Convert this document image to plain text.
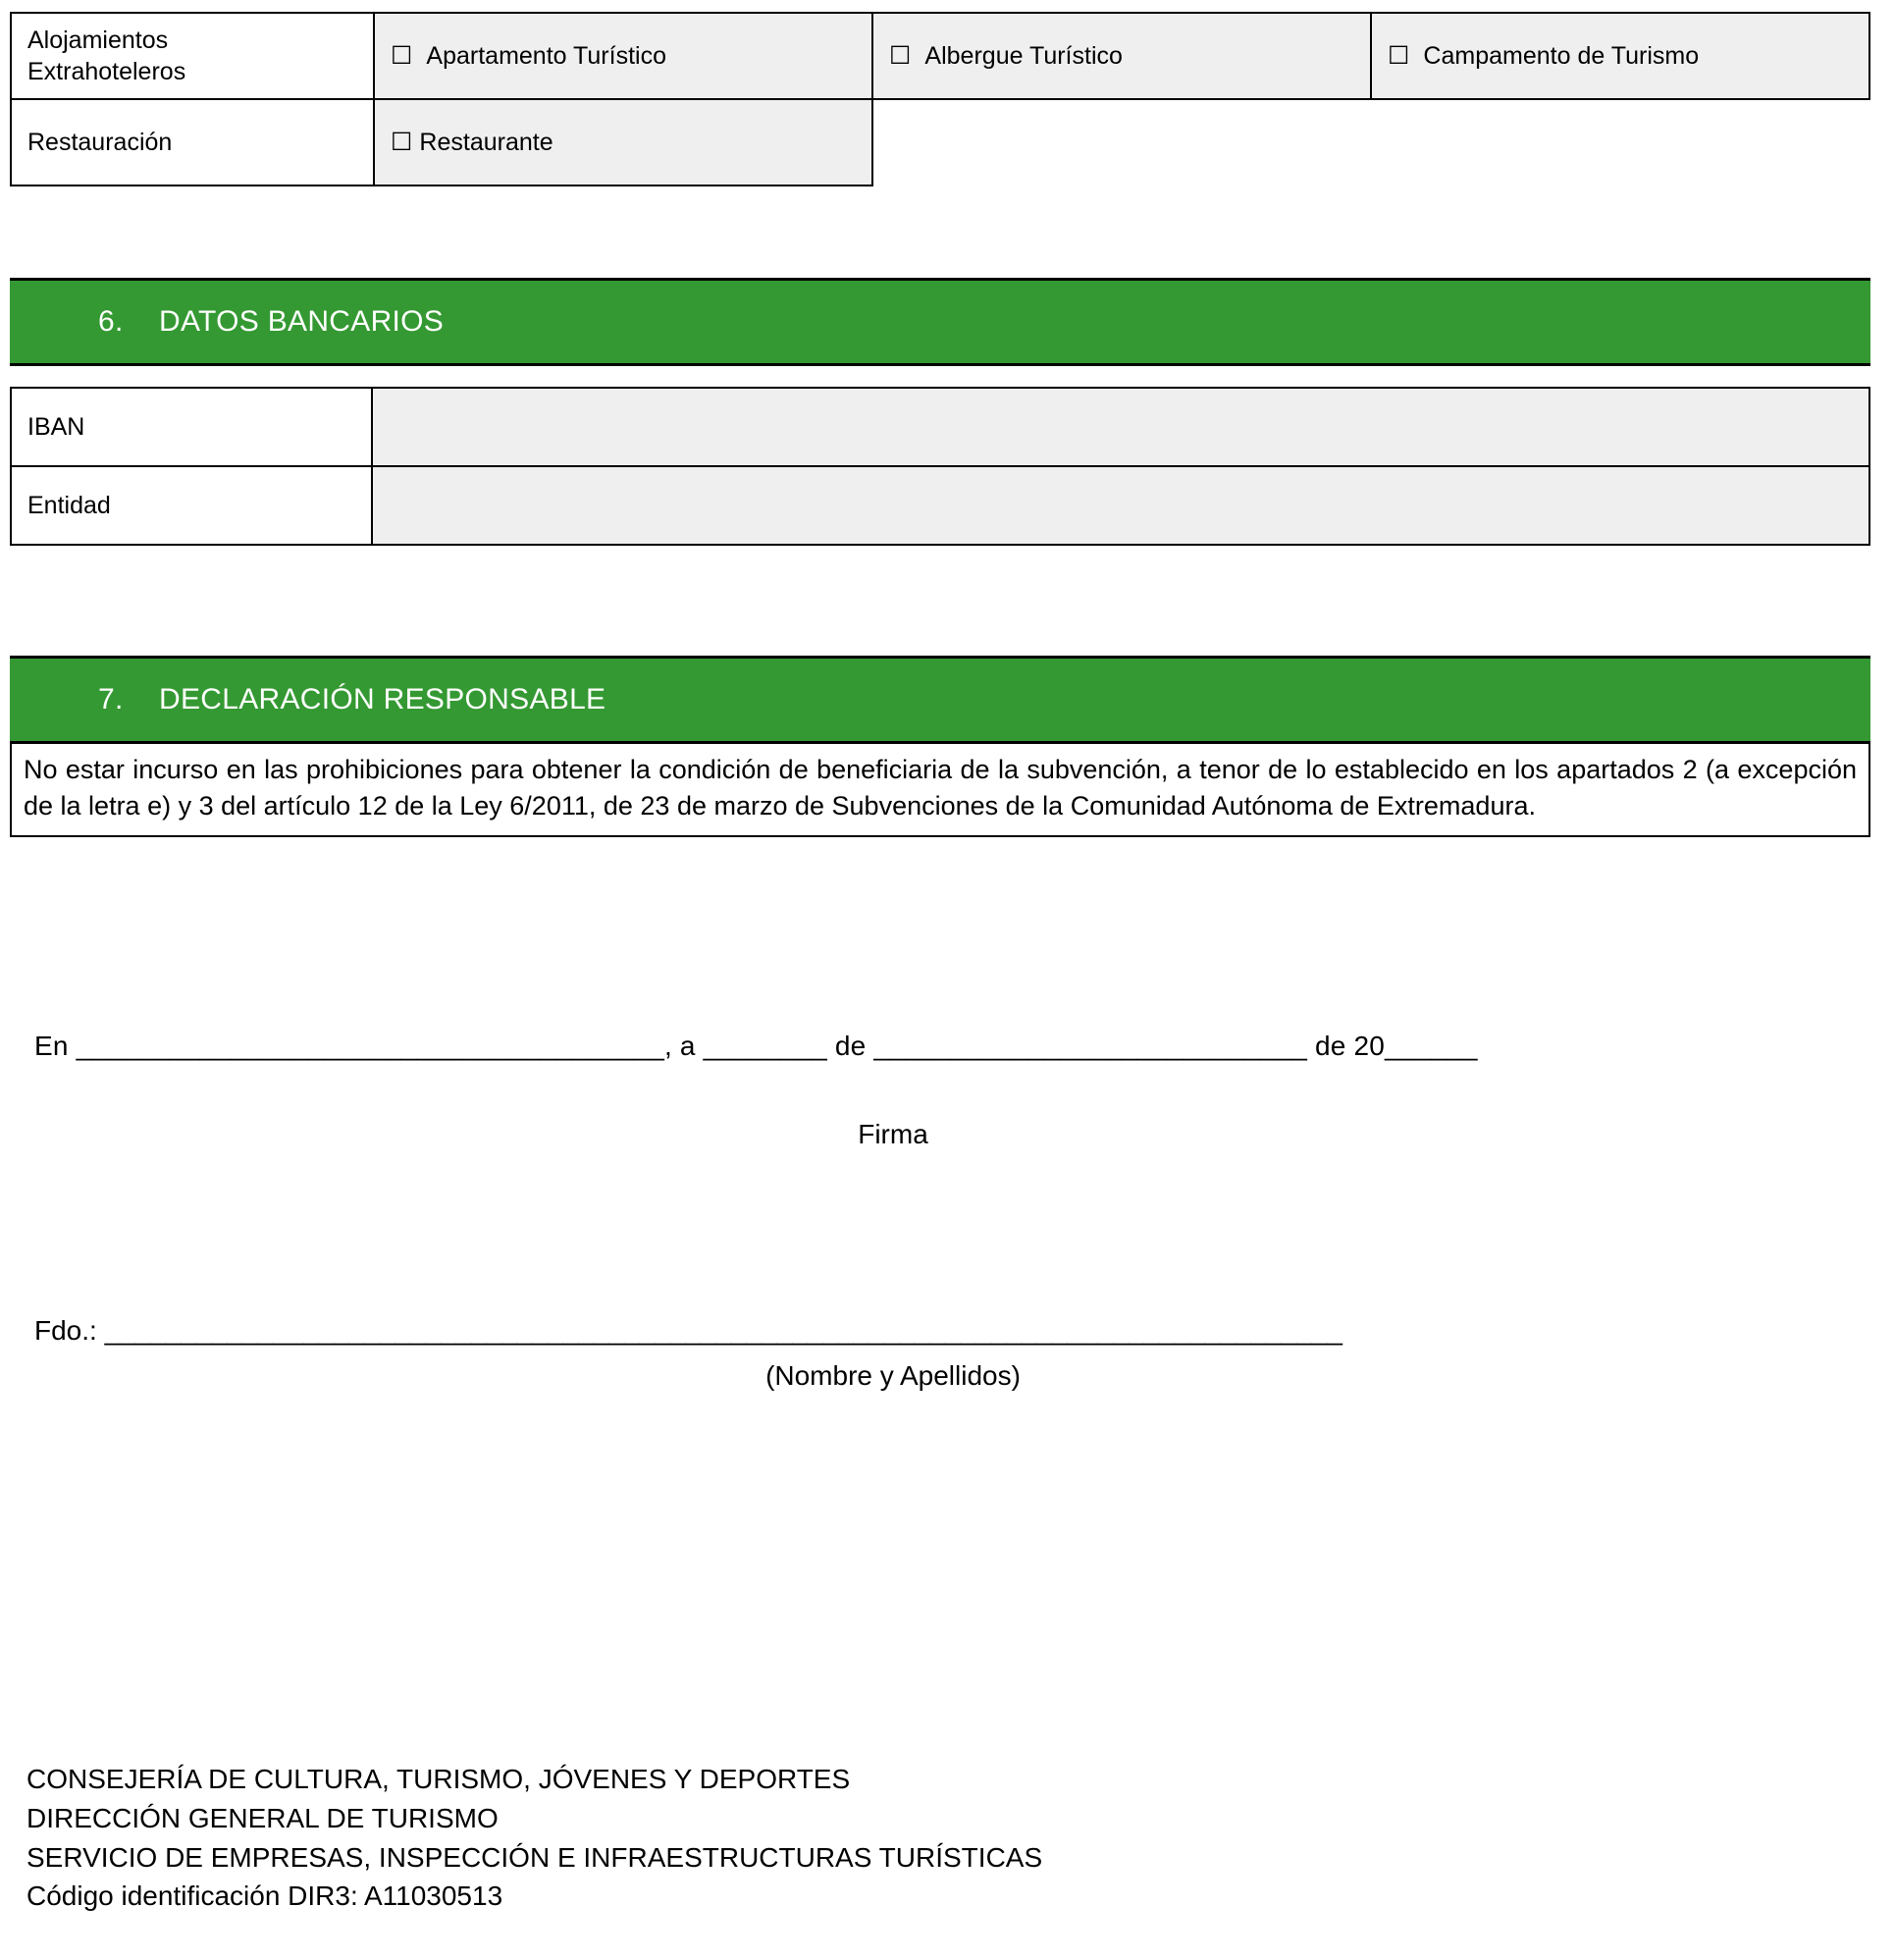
Alojamientos
Extrahoteleros	☐ Apartamento Turístico	☐ Albergue Turístico	☐ Campamento de Turismo
Restauración	☐ Restaurante		
6.	DATOS BANCARIOS
IBAN	
Entidad	
7.	DECLARACIÓN RESPONSABLE
No estar incurso en las prohibiciones para obtener la condición de beneficiaria de la subvención, a tenor de lo establecido en los apartados 2 (a excepción de la letra e) y 3 del artículo 12 de la Ley 6/2011, de 23 de marzo de Subvenciones de la Comunidad Autónoma de Extremadura.
En ______________________________________, a ________ de ____________________________ de 20______
Firma
Fdo.: _________________________________________________________________________________
(Nombre y Apellidos)
CONSEJERÍA DE CULTURA, TURISMO, JÓVENES Y DEPORTES
DIRECCIÓN GENERAL DE TURISMO
SERVICIO DE EMPRESAS, INSPECCIÓN E INFRAESTRUCTURAS TURÍSTICAS
Código identificación DIR3: A11030513
